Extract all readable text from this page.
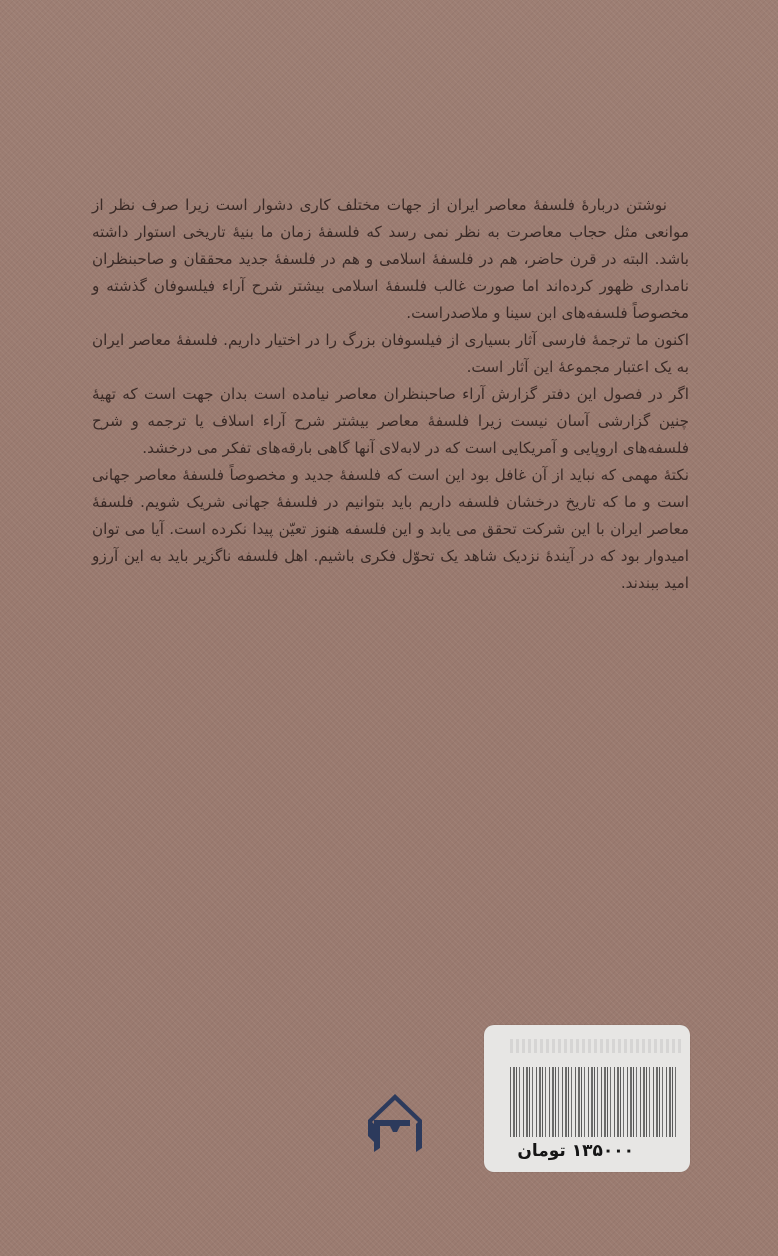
نوشتن دربارهٔ فلسفهٔ معاصر ایران از جهات مختلف کاری دشوار است زیرا صرف نظر از موانعی مثل حجاب معاصرت به نظر نمی رسد که فلسفهٔ زمان ما بنیهٔ تاریخی استوار داشته باشد. البته در قرن حاضر، هم در فلسفهٔ اسلامی و هم در فلسفهٔ جدید محققان و صاحبنظران نامداری ظهور کرده‌اند اما صورت غالب فلسفهٔ اسلامی بیشتر شرح آراء فیلسوفان گذشته و مخصوصاً فلسفه‌های ابن سینا و ملاصدراست.

اکنون ما ترجمهٔ فارسی آثار بسیاری از فیلسوفان بزرگ را در اختیار داریم. فلسفهٔ معاصر ایران به یک اعتبار مجموعهٔ این آثار است.

اگر در فصول این دفتر گزارش آراء صاحبنظران معاصر نیامده است بدان جهت است که تهیهٔ چنین گزارشی آسان نیست زیرا فلسفهٔ معاصر بیشتر شرح آراء اسلاف یا ترجمه و شرح فلسفه‌های اروپایی و آمریکایی است که در لابه‌لای آنها گاهی بارقه‌های تفکر می درخشد.

نکتهٔ مهمی که نباید از آن غافل بود این است که فلسفهٔ جدید و مخصوصاً فلسفهٔ معاصر جهانی است و ما که تاریخ درخشان فلسفه داریم باید بتوانیم در فلسفهٔ جهانی شریک شویم. فلسفهٔ معاصر ایران با این شرکت تحقق می یابد و این فلسفه هنوز تعیّن پیدا نکرده است. آیا می توان امیدوار بود که در آیندهٔ نزدیک شاهد یک تحوّل فکری باشیم. اهل فلسفه ناگزیر باید به این آرزو امید ببندند.

۱۳۵۰۰۰ تومان
